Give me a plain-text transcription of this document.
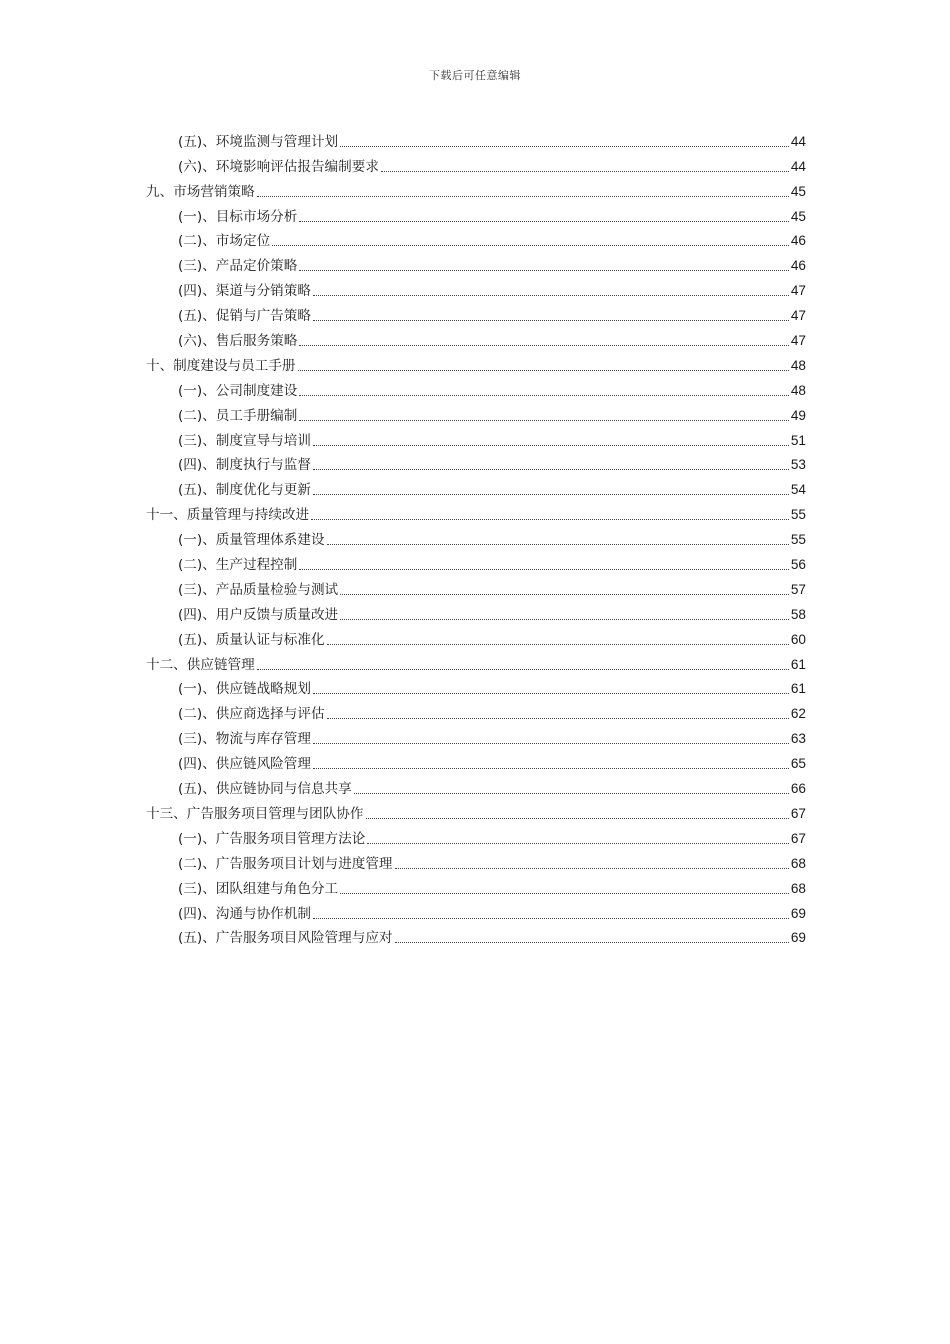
下载后可任意编辑
(五)、环境监测与管理计划	44
(六)、环境影响评估报告编制要求	44
九、市场营销策略	45
(一)、目标市场分析	45
(二)、市场定位	46
(三)、产品定价策略	46
(四)、渠道与分销策略	47
(五)、促销与广告策略	47
(六)、售后服务策略	47
十、制度建设与员工手册	48
(一)、公司制度建设	48
(二)、员工手册编制	49
(三)、制度宣导与培训	51
(四)、制度执行与监督	53
(五)、制度优化与更新	54
十一、质量管理与持续改进	55
(一)、质量管理体系建设	55
(二)、生产过程控制	56
(三)、产品质量检验与测试	57
(四)、用户反馈与质量改进	58
(五)、质量认证与标准化	60
十二、供应链管理	61
(一)、供应链战略规划	61
(二)、供应商选择与评估	62
(三)、物流与库存管理	63
(四)、供应链风险管理	65
(五)、供应链协同与信息共享	66
十三、广告服务项目管理与团队协作	67
(一)、广告服务项目管理方法论	67
(二)、广告服务项目计划与进度管理	68
(三)、团队组建与角色分工	68
(四)、沟通与协作机制	69
(五)、广告服务项目风险管理与应对	69
